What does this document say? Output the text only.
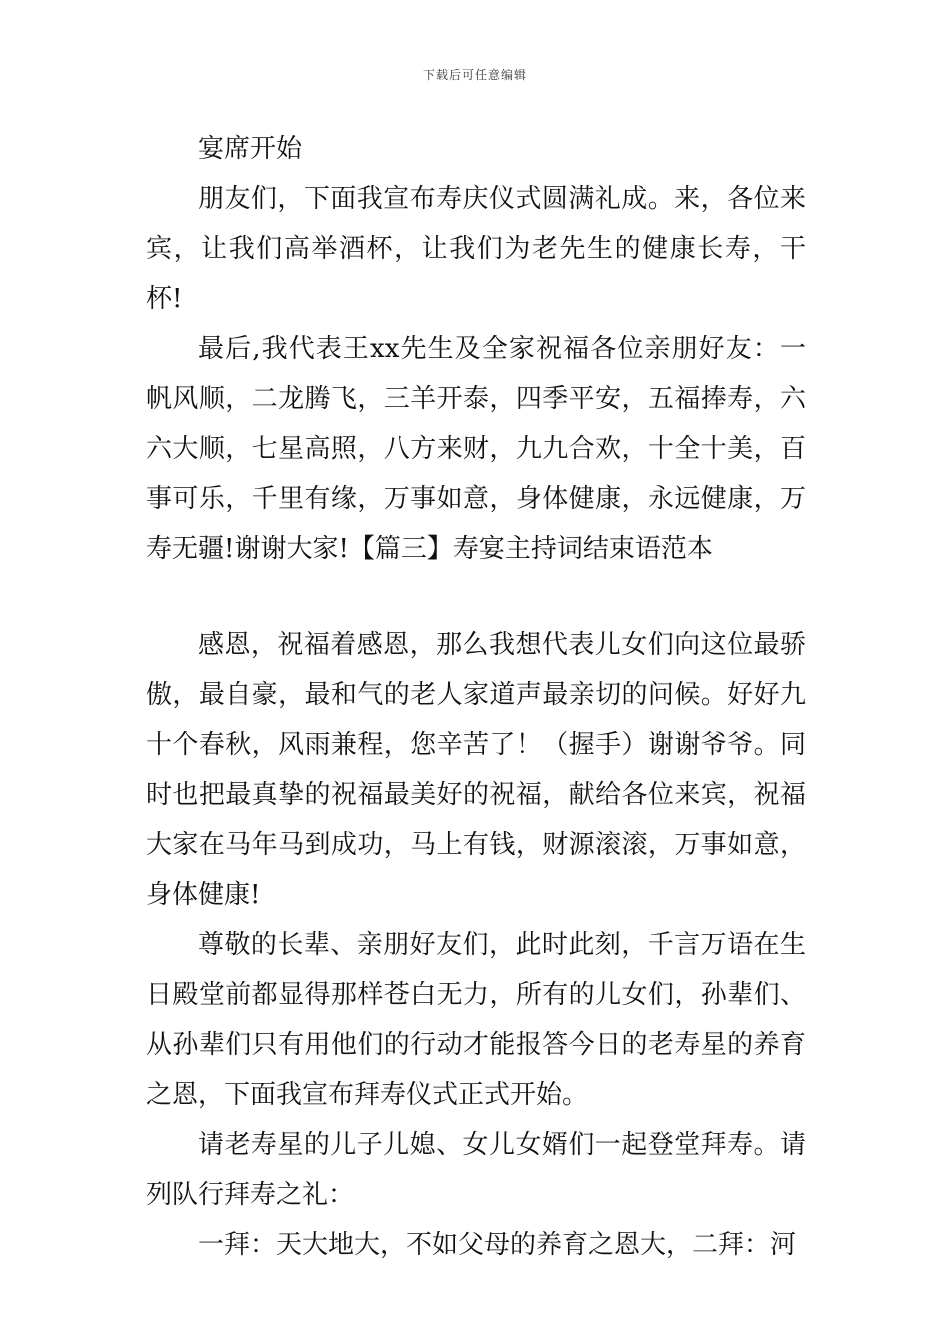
下载后可任意编辑

宴席开始

朋友们，下面我宣布寿庆仪式圆满礼成。来，各位来宾，让我们高举酒杯，让我们为老先生的健康长寿，干杯!

最后,我代表王xx先生及全家祝福各位亲朋好友：一帆风顺，二龙腾飞，三羊开泰，四季平安，五福捧寿，六六大顺，七星高照，八方来财，九九合欢，十全十美，百事可乐，千里有缘，万事如意，身体健康，永远健康，万寿无疆!谢谢大家!【篇三】寿宴主持词结束语范本

感恩，祝福着感恩，那么我想代表儿女们向这位最骄傲，最自豪，最和气的老人家道声最亲切的问候。好好九十个春秋，风雨兼程，您辛苦了！（握手）谢谢爷爷。同时也把最真挚的祝福最美好的祝福，献给各位来宾，祝福大家在马年马到成功，马上有钱，财源滚滚，万事如意，身体健康!

尊敬的长辈、亲朋好友们，此时此刻，千言万语在生日殿堂前都显得那样苍白无力，所有的儿女们，孙辈们、从孙辈们只有用他们的行动才能报答今日的老寿星的养育之恩，下面我宣布拜寿仪式正式开始。

请老寿星的儿子儿媳、女儿女婿们一起登堂拜寿。请列队行拜寿之礼：

一拜：天大地大，不如父母的养育之恩大，二拜：河
